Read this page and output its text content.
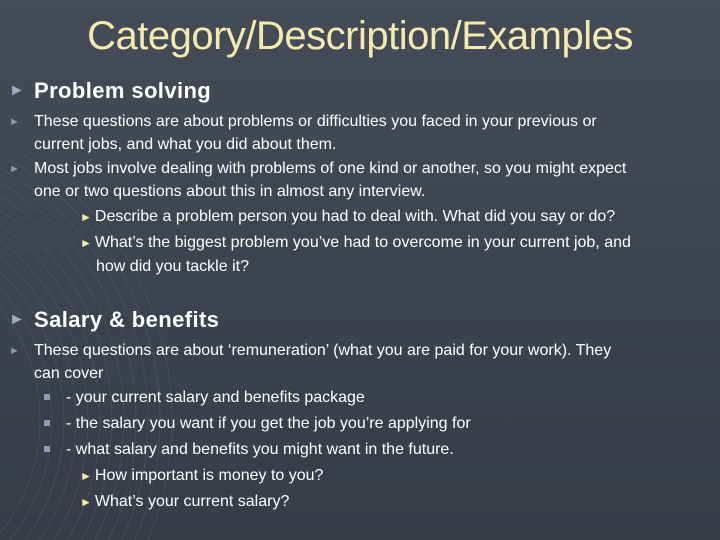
Category/Description/Examples
► Problem solving
► These questions are about problems or difficulties you faced in your previous or
current jobs, and what you did about them.
► Most jobs involve dealing with problems of one kind or another, so you might expect
one or two questions about this in almost any interview.
► Describe a problem person you had to deal with. What did you say or do?
► What’s the biggest problem you’ve had to overcome in your current job, and
how did you tackle it?
► Salary & benefits
► These questions are about ‘remuneration’ (what you are paid for your work). They
can cover
- your current salary and benefits package
- the salary you want if you get the job you’re applying for
- what salary and benefits you might want in the future.
► How important is money to you?
► What’s your current salary?
